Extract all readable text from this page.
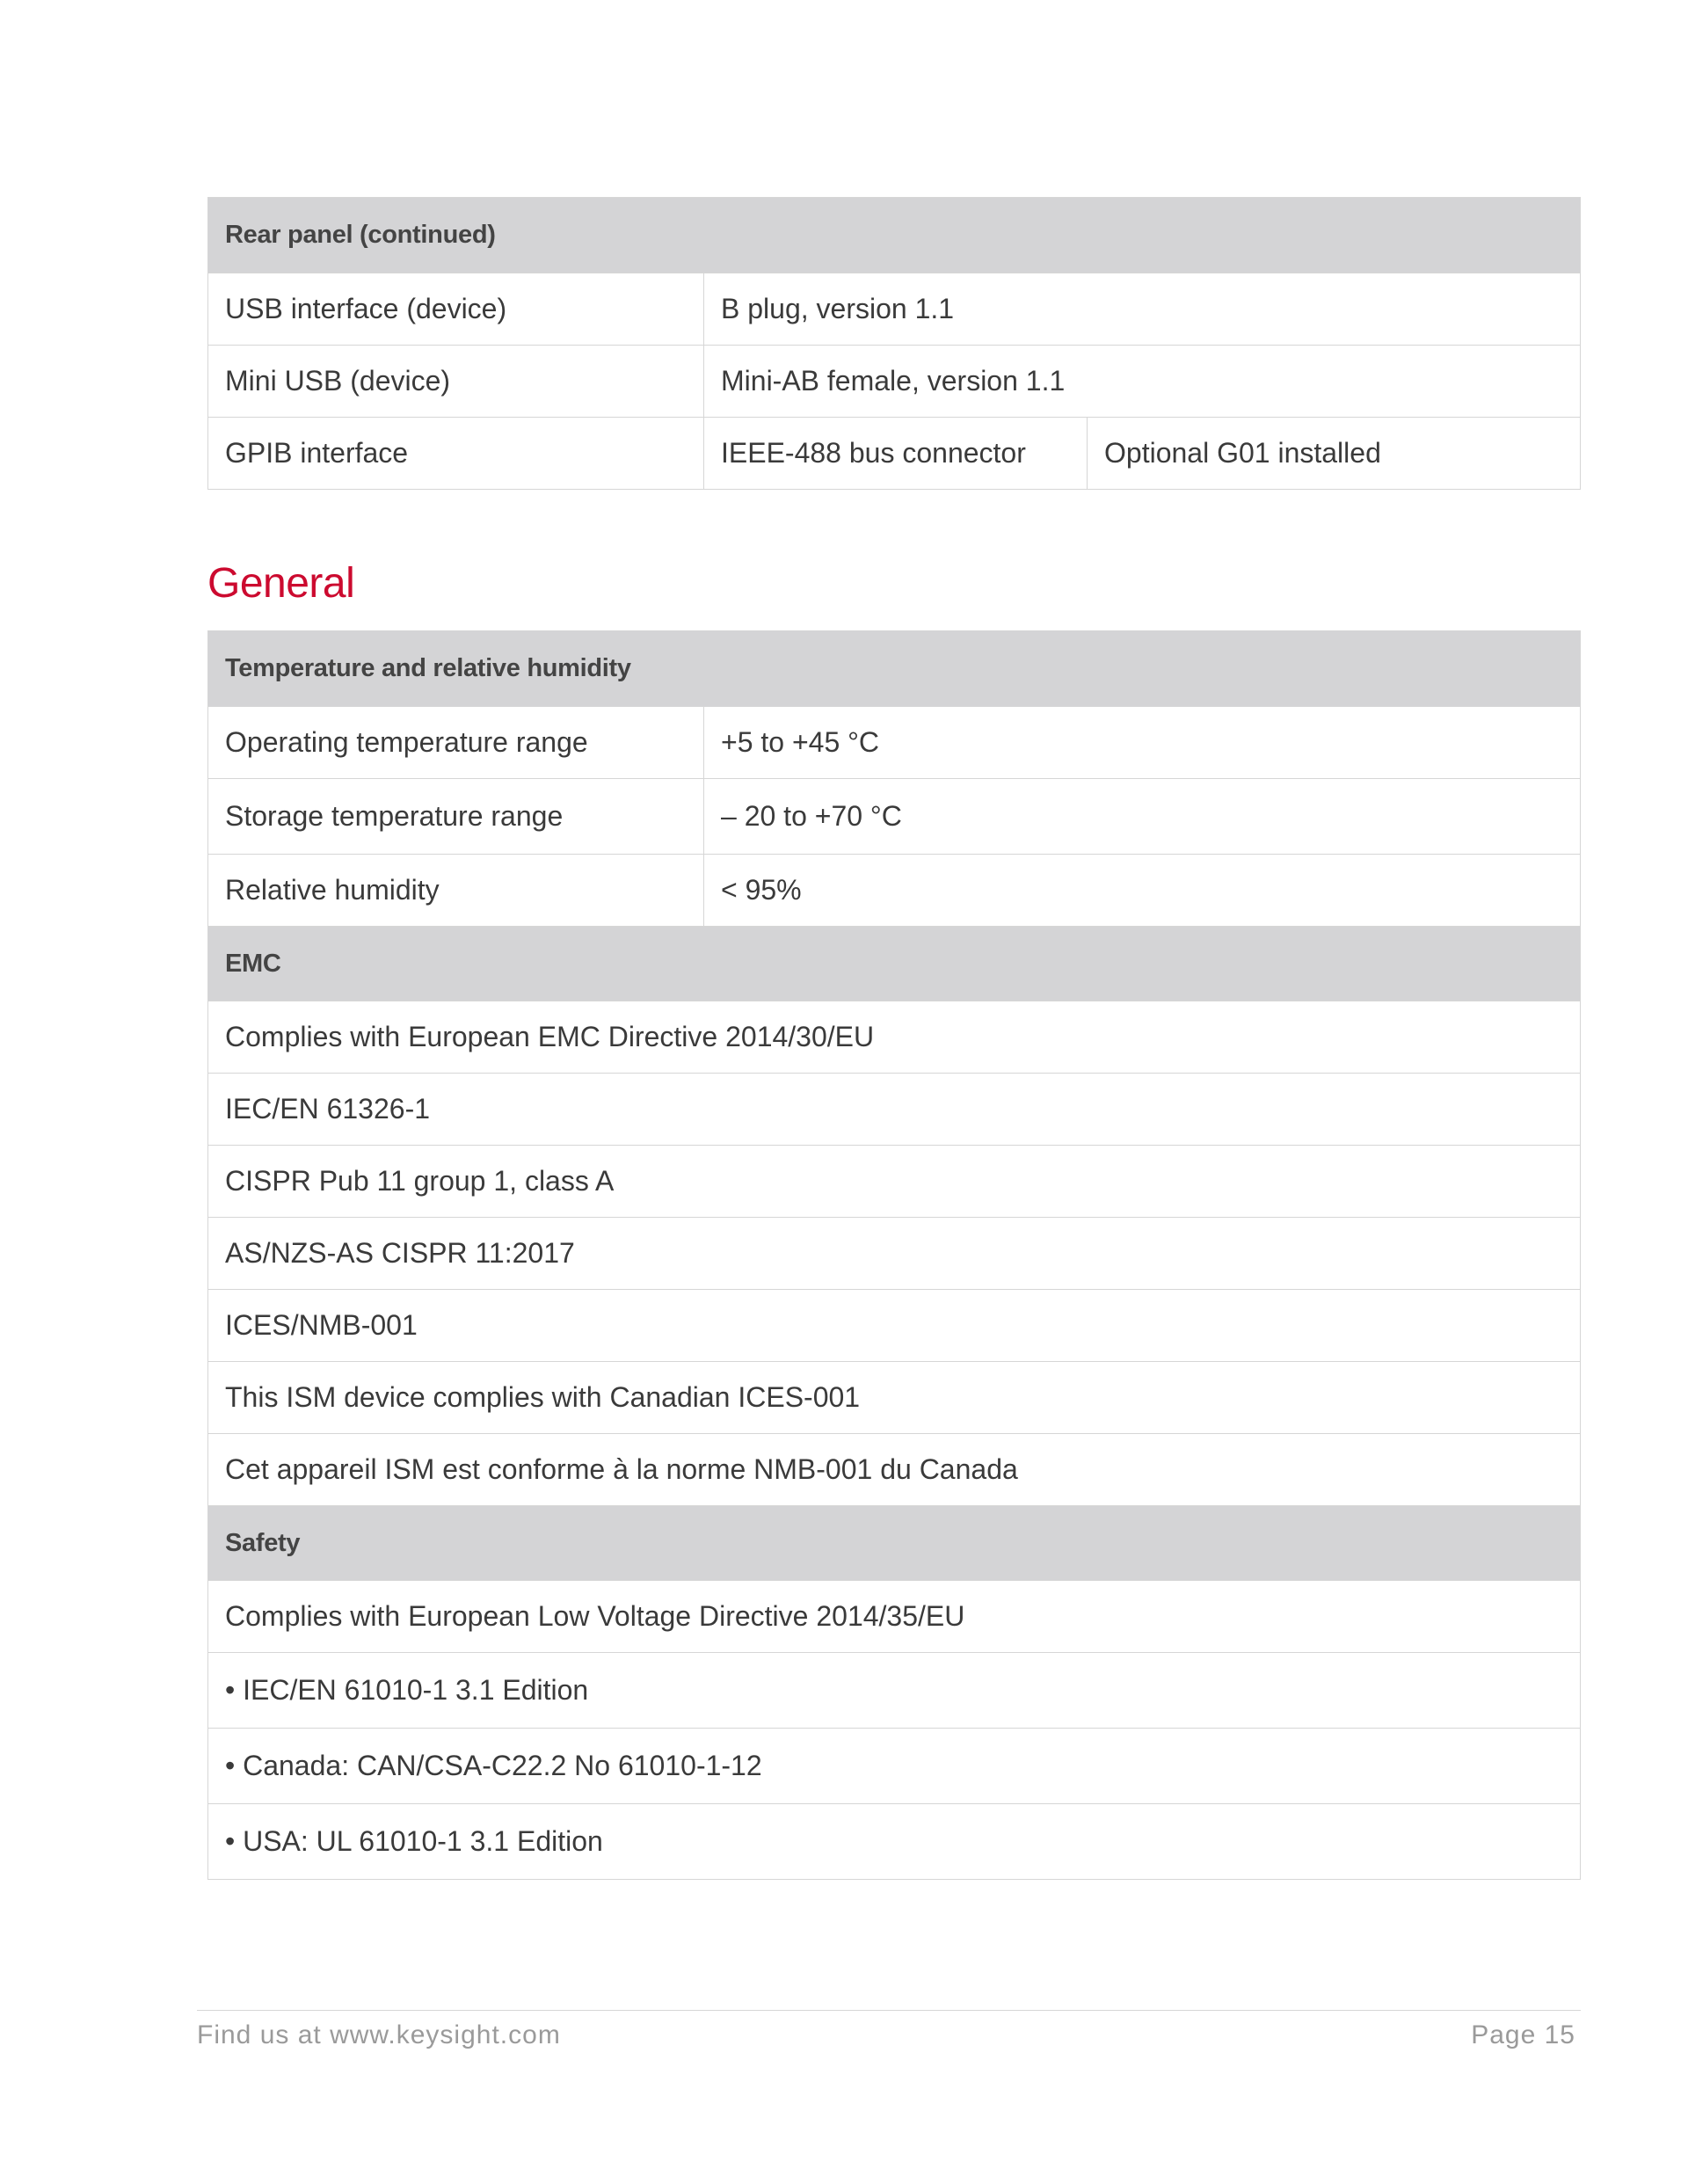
Rear panel (continued)
USB interface (device)	B plug, version 1.1
Mini USB (device)	Mini-AB female, version 1.1
GPIB interface	IEEE-488 bus connector	Optional G01 installed
General
Temperature and relative humidity
Operating temperature range	+5 to +45 °C
Storage temperature range	– 20 to +70 °C
Relative humidity	< 95%
EMC
Complies with European EMC Directive 2014/30/EU
IEC/EN 61326-1
CISPR Pub 11 group 1, class A
AS/NZS-AS CISPR 11:2017
ICES/NMB-001
This ISM device complies with Canadian ICES-001
Cet appareil ISM est conforme à la norme NMB-001 du Canada
Safety
Complies with European Low Voltage Directive 2014/35/EU
• IEC/EN 61010-1 3.1 Edition
• Canada: CAN/CSA-C22.2 No 61010-1-12
• USA: UL 61010-1 3.1 Edition
Find us at www.keysight.com	Page 15
